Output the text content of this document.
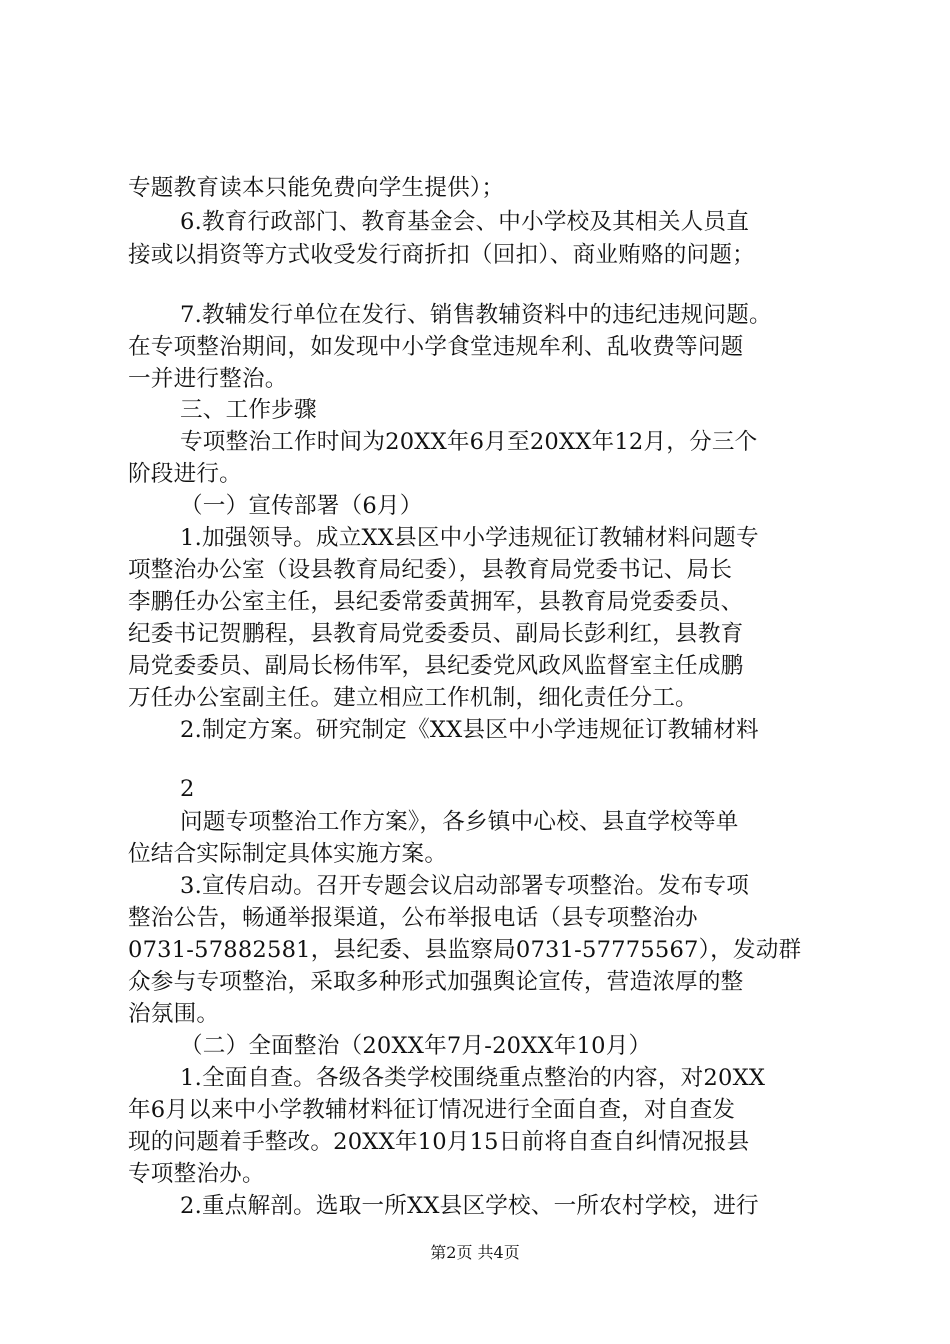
专题教育读本只能免费向学生提供）；
6.教育行政部门、教育基金会、中小学校及其相关人员直
接或以捐资等方式收受发行商折扣（回扣）、商业贿赂的问题；
7.教辅发行单位在发行、销售教辅资料中的违纪违规问题。
在专项整治期间，如发现中小学食堂违规牟利、乱收费等问题
一并进行整治。
三、工作步骤
专项整治工作时间为20XX年6月至20XX年12月，分三个
阶段进行。
（一）宣传部署（6月）
1.加强领导。成立XX县区中小学违规征订教辅材料问题专
项整治办公室（设县教育局纪委），县教育局党委书记、局长
李鹏任办公室主任，县纪委常委黄拥军，县教育局党委委员、
纪委书记贺鹏程，县教育局党委委员、副局长彭利红，县教育
局党委委员、副局长杨伟军，县纪委党风政风监督室主任成鹏
万任办公室副主任。建立相应工作机制，细化责任分工。
2.制定方案。研究制定《XX县区中小学违规征订教辅材料
2
问题专项整治工作方案》，各乡镇中心校、县直学校等单
位结合实际制定具体实施方案。
3.宣传启动。召开专题会议启动部署专项整治。发布专项
整治公告，畅通举报渠道，公布举报电话（县专项整治办
0731-57882581，县纪委、县监察局0731-57775567），发动群
众参与专项整治，采取多种形式加强舆论宣传，营造浓厚的整
治氛围。
（二）全面整治（20XX年7月-20XX年10月）
1.全面自查。各级各类学校围绕重点整治的内容，对20XX
年6月以来中小学教辅材料征订情况进行全面自查，对自查发
现的问题着手整改。20XX年10月15日前将自查自纠情况报县
专项整治办。
2.重点解剖。选取一所XX县区学校、一所农村学校，进行
第2页 共4页
